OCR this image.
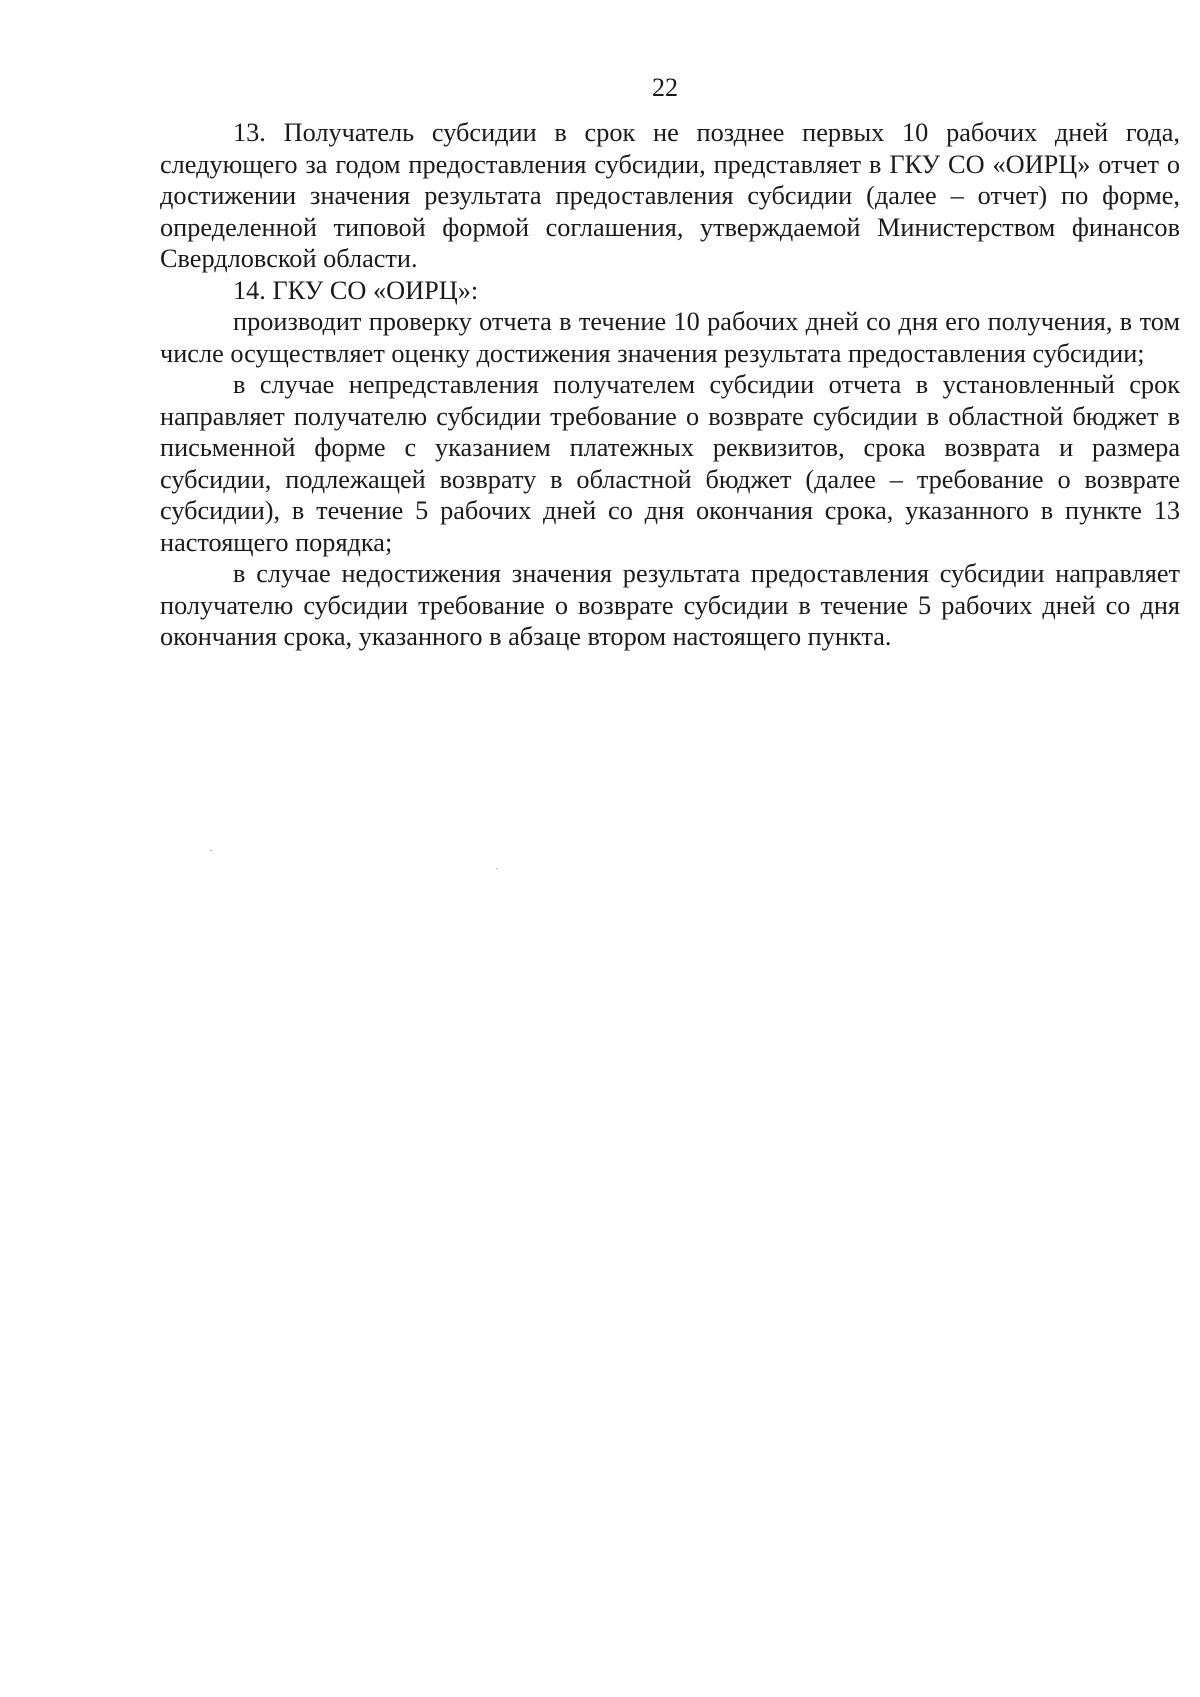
22

13. Получатель субсидии в срок не позднее первых 10 рабочих дней года, следующего за годом предоставления субсидии, представляет в ГКУ СО «ОИРЦ» отчет о достижении значения результата предоставления субсидии (далее – отчет) по форме, определенной типовой формой соглашения, утверждаемой Министерством финансов Свердловской области.

14. ГКУ СО «ОИРЦ»:

производит проверку отчета в течение 10 рабочих дней со дня его получения, в том числе осуществляет оценку достижения значения результата предоставления субсидии;

в случае непредставления получателем субсидии отчета в установленный срок направляет получателю субсидии требование о возврате субсидии в областной бюджет в письменной форме с указанием платежных реквизитов, срока возврата и размера субсидии, подлежащей возврату в областной бюджет (далее – требование о возврате субсидии), в течение 5 рабочих дней со дня окончания срока, указанного в пункте 13 настоящего порядка;

в случае недостижения значения результата предоставления субсидии направляет получателю субсидии требование о возврате субсидии в течение 5 рабочих дней со дня окончания срока, указанного в абзаце втором настоящего пункта.
